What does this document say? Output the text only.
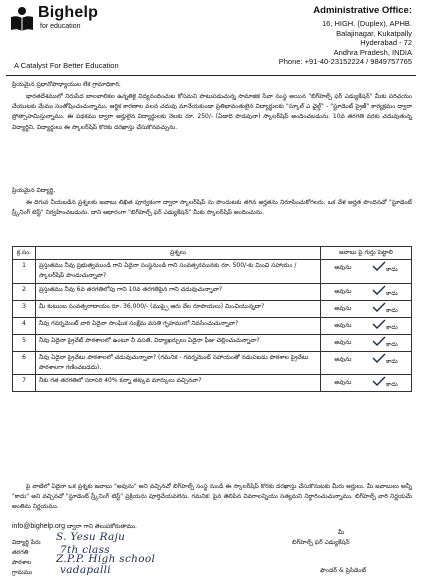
Bighelp
for education
A Catalyst For Better Education
Administrative Office:
16, HIGH. (Duplex), APHB.
Balajinagar, Kukatpally
Hyderabad - 72
Andhra Pradesh, INDIA
Phone: +91-40-23152224 / 9849757765
ప్రియమైన ప్రధానోపాధ్యాయుల లేక గ్రామాధికారి,
భారతదేశములో నిరుపేద బాలబాలికల ఉన్నతికై విద్యనందించుట కోసమని పాటుపడుచున్న సామాజిక సేవా సంస్థ అయిన "బిగ్‌హెల్ప్ ఫర్ ఎడ్యుకేషన్" మీకు పరిచయం చేయుటకు మేము సంతోషించుచున్నాము. ఆర్థిక కారణాల వలన చదువు మానేయకుండా ప్రతిభావంతులైన విద్యార్థులకు "స్కూల్ ఎ ఛైల్డ్" - "స్టూడెంట్ ప్రైజ్" కార్యక్రమం ద్వారా ప్రోత్సాహమిస్తున్నాము. ఈ పథకము ద్వారా అర్హులైన విద్యార్థులకు నెలకు రూ. 250/- (ఏడాది పొడవునా) స్కాలర్‌షిప్ అందించబడును. 10వ తరగతి వరకు చదువుతున్న విద్యార్థిని, విద్యార్థులు ఈ స్కాలర్‌షిప్ కొరకు దరఖాస్తు చేసుకొనవచ్చును.
ప్రియమైన విద్యార్థి,
ఈ దిగువ నీయబడిన ప్రశ్నలకు జవాబు లిఖిత పూర్వకంగా ద్వారా స్కాలర్‌షిప్ ను పొందుటకు తగిన అర్హతను నిరూపించుకోగలరు. ఒక వేళ అర్హత పొందినచో "స్టూడెంట్ స్ర్కీనింగ్ టెస్ట్" నిర్వహించబడును. దాని ఆధారంగా "బిగ్‌హెల్ప్ ఫర్ ఎడ్యుకేషన్" మీకు స్కాలర్‌షిప్ అందించును.
క్ర.సం.	ప్రశ్నలు	జవాబు పై గుర్తు పెట్టాలి
1	ప్రస్తుతము నీవు ప్రభుత్వముండి గాని ఏదైనా సంస్థనుండి గాని సంవత్సరమునకు రూ. 500/-కు మించి సహాయం / స్కాలర్‌షిప్ పొందుచున్నావా?	అవును కాదు

2	ప్రస్తుతము నీవు 6వ తరగతిలోపు గాని 10వ తరగతిపైన గాని చదువుచున్నావా?	అవును కాదు

3	మీ కుటుంబ సంవత్సరాదాయం రూ. 36,000/- (ముప్పై ఆరు వేల రూపాయలు) మించియున్నదా?	అవును కాదు

4	నీవు గవర్నమెంట్ వారి ఏదైనా సాంఘిక సంక్షేమ వసతి గృహములో నివసించుచున్నావా?	అవును కాదు

5	నీవు ఏదైనా ప్రైవేట్ పాఠశాలలో ఉంటూ నీ వసతి, విద్యాఖర్చులు ఏదైనా ఫీజు చెల్లించుచున్నావా?	అవును కాదు

6	నీవు ఏదైనా ప్రైవేటు పాఠశాలలో చదువుచున్నావా? (గమనిక - గవర్నమెంట్ సహాయంతో నడుపబడు పాఠశాల ప్రైవేటు పాఠశాలగా గణించబడదు).	అవును కాదు

7	నీకు గత తరగతిలో సరాసరి 40% కన్నా తక్కువ మార్కులు వచ్చినవా?	అవును కాదు
పై వాటిలో ఏదైనా ఒక ప్రశ్నకు జవాబు "అవును" అని వచ్చినచో బిగ్‌హెల్ప్ సంస్థ నుండి ఈ స్కాలర్‌షిప్ కొరకు దరఖాస్తు చేసుకొనుటకు మీరు అర్హులు. మీ జవాబులు అన్నీ "కాదు" అని వచ్చినచో "స్టూడెంట్ స్ర్కీనింగ్ టెస్ట్" ప్రక్రియను పూర్తిచేయవలెను. గమనిక: పైన తెలిపిన వివరాలన్నియు సత్యమని నిర్ధారించుచున్నాము. బిగ్‌హెల్ప్ వారి నిర్ణయమే అంతిమ నిర్ణయము.
info@bighelp.org ద్వారా గాని తెలుపకోరుతాము.
విద్యార్థి పేరు S. Yesu Raju
తరగతి	7th class
పాఠశాల Z.P.P. High school
గ్రామము	vadapalli
మీ
బిగ్‌హెల్ప్ ఫర్ ఎడ్యుకేషన్
ఫౌండర్ & ప్రెసిడెంట్
